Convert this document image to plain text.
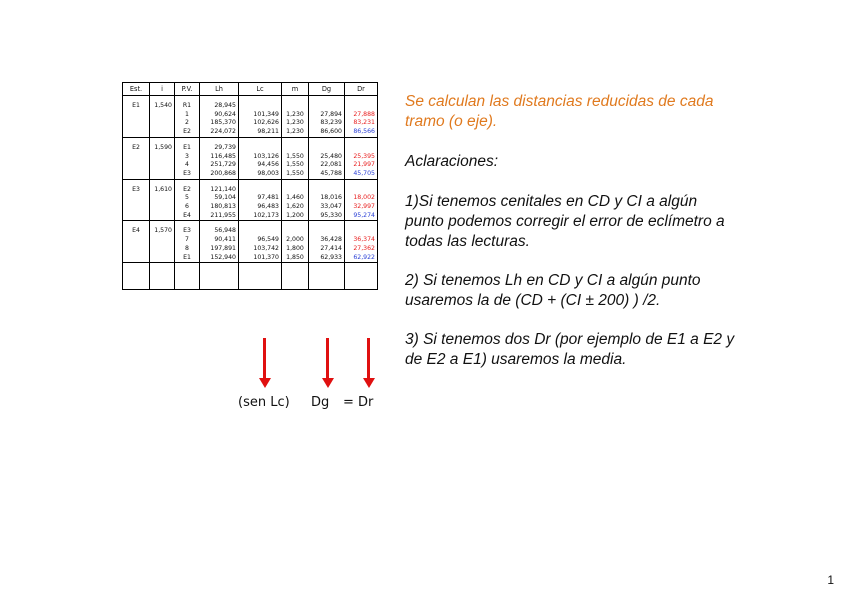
Est.	i	P.V.	Lh	Lc	m	Dg	Dr

E1	1,540	R1	28,945				
		1	90,624	101,349	1,230	27,894	27,888
		2	185,370	102,626	1,230	83,239	83,231
		E2	224,072	98,211	1,230	86,600	86,566

E2	1,590	E1	29,739				
		3	116,485	103,126	1,550	25,480	25,395
		4	251,729	94,456	1,550	22,081	21,997
		E3	200,868	98,003	1,550	45,788	45,705

E3	1,610	E2	121,140				
		5	59,104	97,481	1,460	18,016	18,002
		6	180,813	96,483	1,620	33,047	32,997
		E4	211,955	102,173	1,200	95,330	95,274

E4	1,570	E3	56,948				
		7	90,411	96,549	2,000	36,428	36,374
		8	197,891	103,742	1,800	27,414	27,362
		E1	152,940	101,370	1,850	62,933	62,922

(sen Lc) Dg = Dr

Se calculan las distancias reducidas de cada tramo (o eje).

Aclaraciones:

1)Si tenemos cenitales en CD y CI a algún punto podemos corregir el error de eclímetro a todas las lecturas.

2) Si tenemos Lh en CD y CI a algún punto usaremos la de (CD + (CI ± 200) ) /2.

3) Si tenemos dos Dr (por ejemplo de E1 a E2 y de E2 a E1) usaremos la media.

1
